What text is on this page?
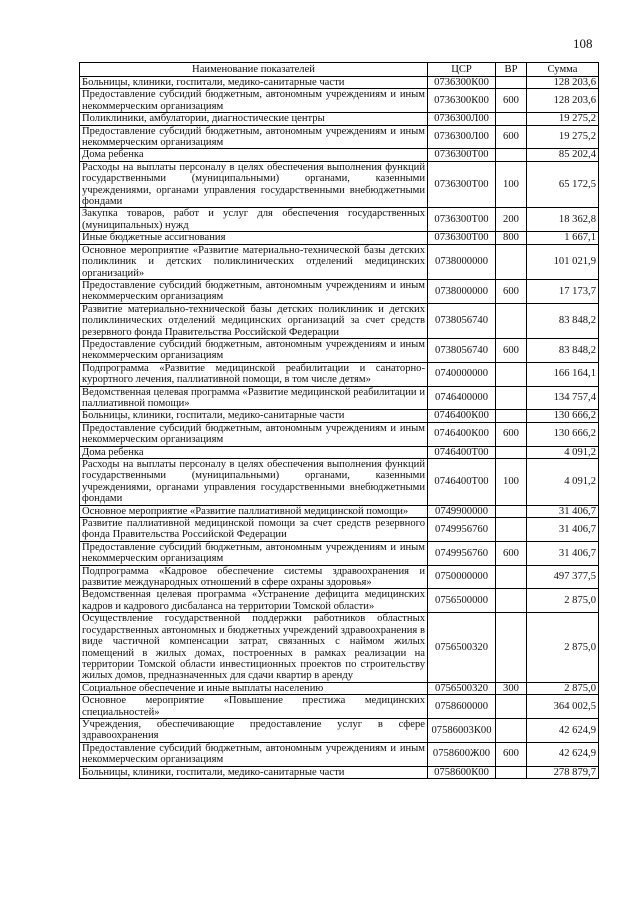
108
Наименование показателей	ЦСР	ВР	Сумма
Больницы, клиники, госпитали, медико-санитарные части	0736300К00		128 203,6
Предоставление субсидий бюджетным, автономным учреждениям и иным некоммерческим организациям	0736300К00	600	128 203,6
Поликлиники, амбулатории, диагностические центры	0736300Л00		19 275,2
Предоставление субсидий бюджетным, автономным учреждениям и иным некоммерческим организациям	0736300Л00	600	19 275,2
Дома ребенка	0736300Т00		85 202,4
Расходы на выплаты персоналу в целях обеспечения выполнения функций государственными (муниципальными) органами, казенными учреждениями, органами управления государственными внебюджетными фондами	0736300Т00	100	65 172,5
Закупка товаров, работ и услуг для обеспечения государственных (муниципальных) нужд	0736300Т00	200	18 362,8
Иные бюджетные ассигнования	0736300Т00	800	1 667,1
Основное мероприятие «Развитие материально-технической базы детских поликлиник и детских поликлинических отделений медицинских организаций»	0738000000		101 021,9
Предоставление субсидий бюджетным, автономным учреждениям и иным некоммерческим организациям	0738000000	600	17 173,7
Развитие материально-технической базы детских поликлиник и детских поликлинических отделений медицинских организаций за счет средств резервного фонда Правительства Российской Федерации	0738056740		83 848,2
Предоставление субсидий бюджетным, автономным учреждениям и иным некоммерческим организациям	0738056740	600	83 848,2
Подпрограмма «Развитие медицинской реабилитации и санаторно-курортного лечения, паллиативной помощи, в том числе детям»	0740000000		166 164,1
Ведомственная целевая программа «Развитие медицинской реабилитации и паллиативной помощи»	0746400000		134 757,4
Больницы, клиники, госпитали, медико-санитарные части	0746400К00		130 666,2
Предоставление субсидий бюджетным, автономным учреждениям и иным некоммерческим организациям	0746400К00	600	130 666,2
Дома ребенка	0746400Т00		4 091,2
Расходы на выплаты персоналу в целях обеспечения выполнения функций государственными (муниципальными) органами, казенными учреждениями, органами управления государственными внебюджетными фондами	0746400Т00	100	4 091,2
Основное мероприятие «Развитие паллиативной медицинской помощи»	0749900000		31 406,7
Развитие паллиативной медицинской помощи за счет средств резервного фонда Правительства Российской Федерации	0749956760		31 406,7
Предоставление субсидий бюджетным, автономным учреждениям и иным некоммерческим организациям	0749956760	600	31 406,7
Подпрограмма «Кадровое обеспечение системы здравоохранения и развитие международных отношений в сфере охраны здоровья»	0750000000		497 377,5
Ведомственная целевая программа «Устранение дефицита медицинских кадров и кадрового дисбаланса на территории Томской области»	0756500000		2 875,0
Осуществление государственной поддержки работников областных государственных автономных и бюджетных учреждений здравоохранения в виде частичной компенсации затрат, связанных с наймом жилых помещений в жилых домах, построенных в рамках реализации на территории Томской области инвестиционных проектов по строительству жилых домов, предназначенных для сдачи квартир в аренду	0756500320		2 875,0
Социальное обеспечение и иные выплаты населению	0756500320	300	2 875,0
Основное мероприятие «Повышение престижа медицинских специальностей»	0758600000		364 002,5
Учреждения, обеспечивающие предоставление услуг в сфере здравоохранения	07586003К00		42 624,9
Предоставление субсидий бюджетным, автономным учреждениям и иным некоммерческим организациям	0758600Ж00	600	42 624,9
Больницы, клиники, госпитали, медико-санитарные части	0758600К00		278 879,7
